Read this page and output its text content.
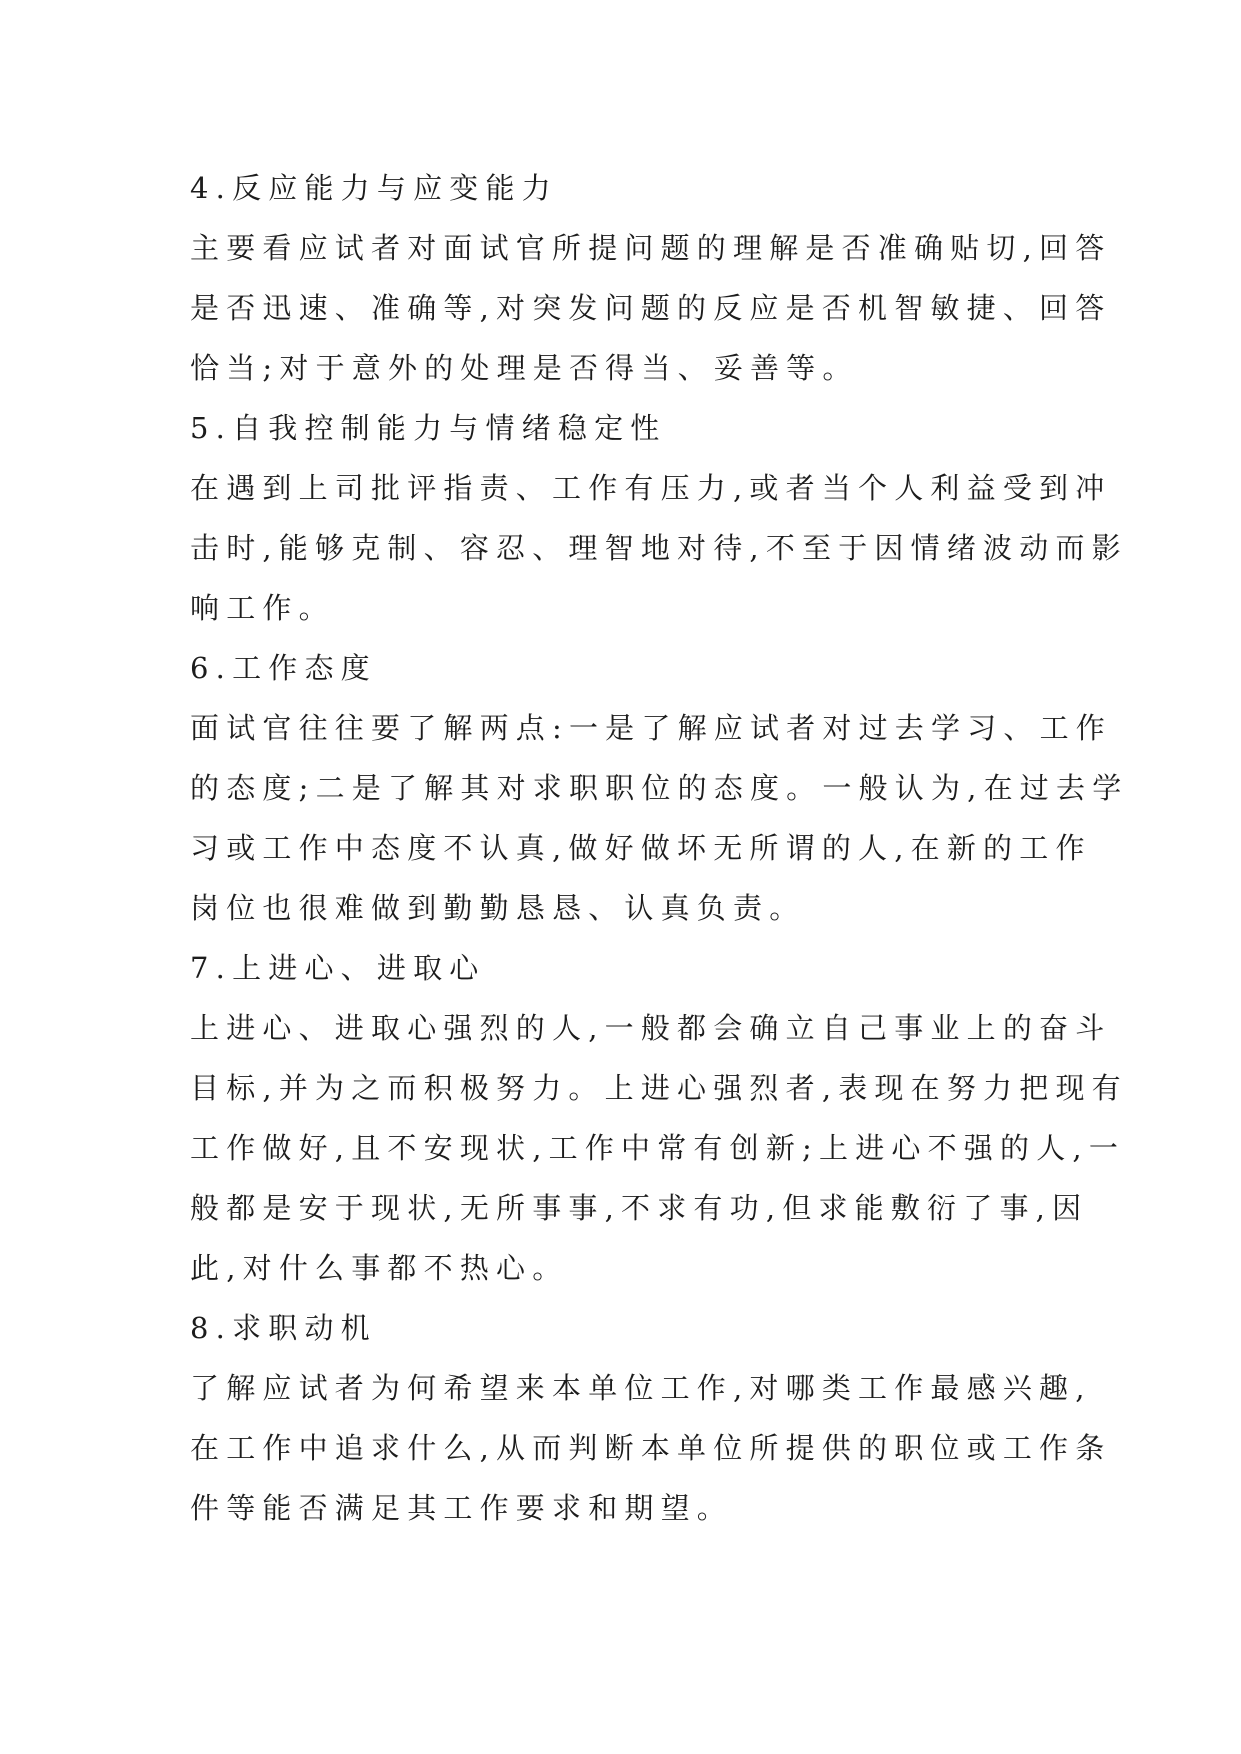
4.反应能力与应变能力

主要看应试者对面试官所提问题的理解是否准确贴切,回答

是否迅速、准确等,对突发问题的反应是否机智敏捷、回答

恰当;对于意外的处理是否得当、妥善等。

5.自我控制能力与情绪稳定性

在遇到上司批评指责、工作有压力,或者当个人利益受到冲

击时,能够克制、容忍、理智地对待,不至于因情绪波动而影

响工作。

6.工作态度

面试官往往要了解两点:一是了解应试者对过去学习、工作

的态度;二是了解其对求职职位的态度。一般认为,在过去学

习或工作中态度不认真,做好做坏无所谓的人,在新的工作

岗位也很难做到勤勤恳恳、认真负责。

7.上进心、进取心

上进心、进取心强烈的人,一般都会确立自己事业上的奋斗

目标,并为之而积极努力。上进心强烈者,表现在努力把现有

工作做好,且不安现状,工作中常有创新;上进心不强的人,一

般都是安于现状,无所事事,不求有功,但求能敷衍了事,因

此,对什么事都不热心。

8.求职动机

了解应试者为何希望来本单位工作,对哪类工作最感兴趣,

在工作中追求什么,从而判断本单位所提供的职位或工作条

件等能否满足其工作要求和期望。
